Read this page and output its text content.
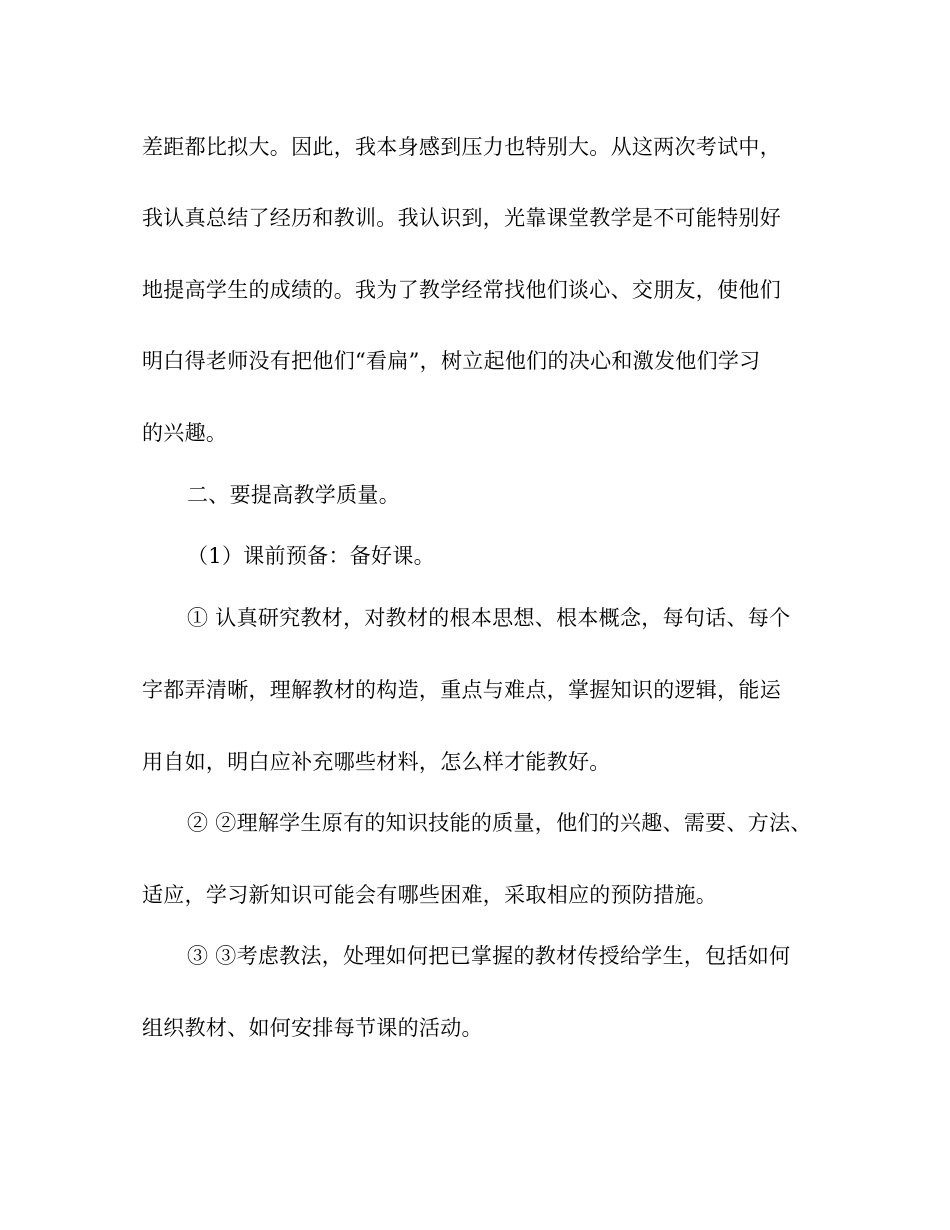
差距都比拟大。因此，我本身感到压力也特别大。从这两次考试中，
我认真总结了经历和教训。我认识到，光靠课堂教学是不可能特别好
地提高学生的成绩的。我为了教学经常找他们谈心、交朋友，使他们
明白得老师没有把他们“看扁”，树立起他们的决心和激发他们学习
的兴趣。
二、要提高教学质量。
（1）课前预备：备好课。
① 认真研究教材，对教材的根本思想、根本概念，每句话、每个
字都弄清晰，理解教材的构造，重点与难点，掌握知识的逻辑，能运
用自如，明白应补充哪些材料，怎么样才能教好。
② ②理解学生原有的知识技能的质量，他们的兴趣、需要、方法、
适应，学习新知识可能会有哪些困难，采取相应的预防措施。
③ ③考虑教法，处理如何把已掌握的教材传授给学生，包括如何
组织教材、如何安排每节课的活动。
